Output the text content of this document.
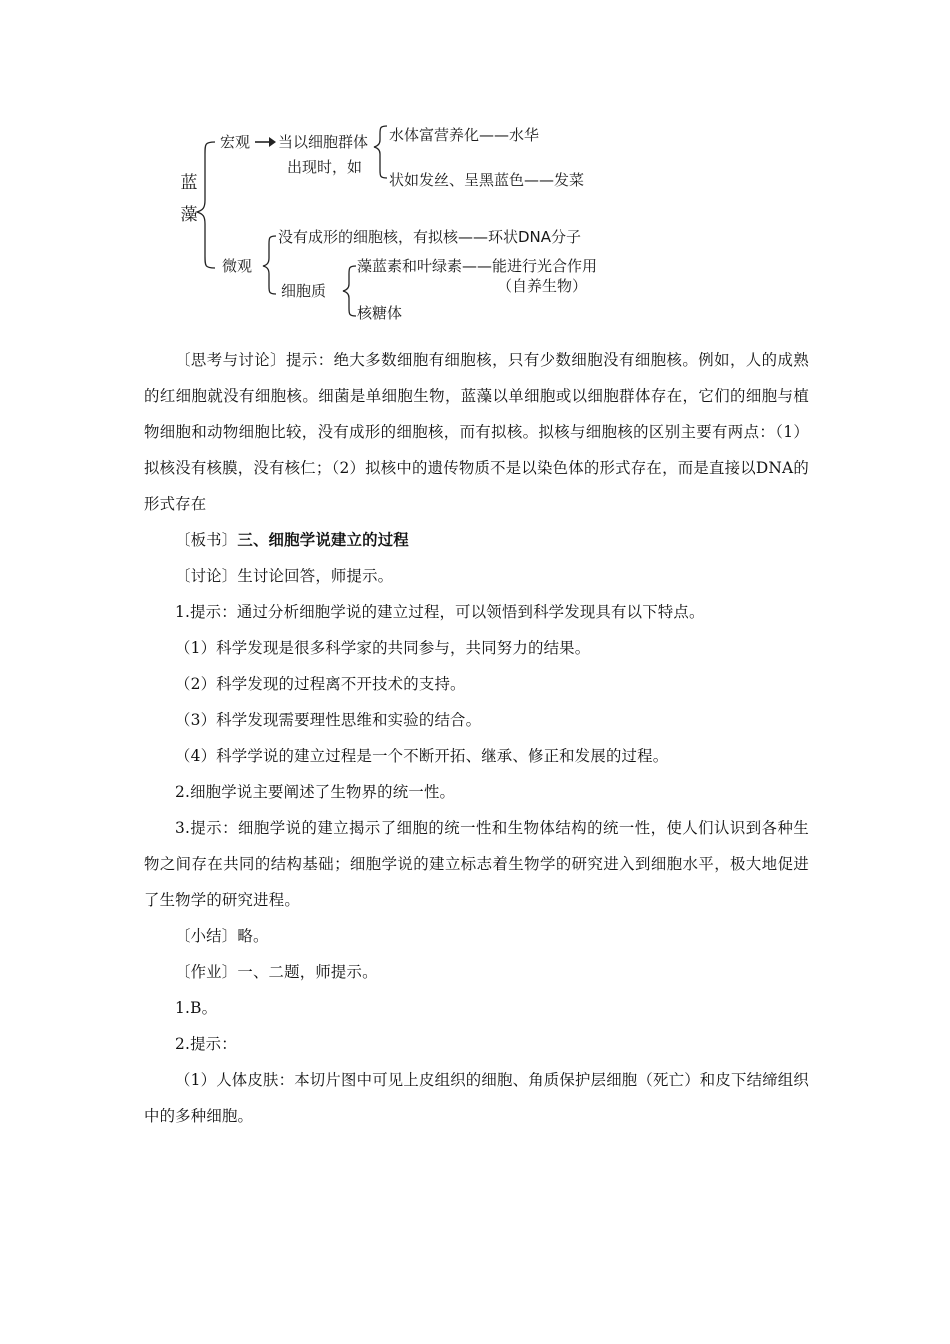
蓝
藻
宏观 当以细胞群体
出现时，如
水体富营养化——水华
状如发丝、呈黑蓝色——发菜
微观
没有成形的细胞核，有拟核——环状DNA分子
细胞质
藻蓝素和叶绿素——能进行光合作用
（自养生物）
核糖体

〔思考与讨论〕提示：绝大多数细胞有细胞核，只有少数细胞没有细胞核。例如，人的成熟的红细胞就没有细胞核。细菌是单细胞生物，蓝藻以单细胞或以细胞群体存在，它们的细胞与植物细胞和动物细胞比较，没有成形的细胞核，而有拟核。拟核与细胞核的区别主要有两点：（1）拟核没有核膜，没有核仁；（2）拟核中的遗传物质不是以染色体的形式存在，而是直接以DNA的形式存在

〔板书〕三、细胞学说建立的过程

〔讨论〕生讨论回答，师提示。

1.提示：通过分析细胞学说的建立过程，可以领悟到科学发现具有以下特点。

（1）科学发现是很多科学家的共同参与，共同努力的结果。

（2）科学发现的过程离不开技术的支持。

（3）科学发现需要理性思维和实验的结合。

（4）科学学说的建立过程是一个不断开拓、继承、修正和发展的过程。

2.细胞学说主要阐述了生物界的统一性。

3.提示：细胞学说的建立揭示了细胞的统一性和生物体结构的统一性，使人们认识到各种生物之间存在共同的结构基础；细胞学说的建立标志着生物学的研究进入到细胞水平，极大地促进了生物学的研究进程。

〔小结〕略。

〔作业〕一、二题，师提示。

1.B。

2.提示：

（1）人体皮肤：本切片图中可见上皮组织的细胞、角质保护层细胞（死亡）和皮下结缔组织中的多种细胞。
